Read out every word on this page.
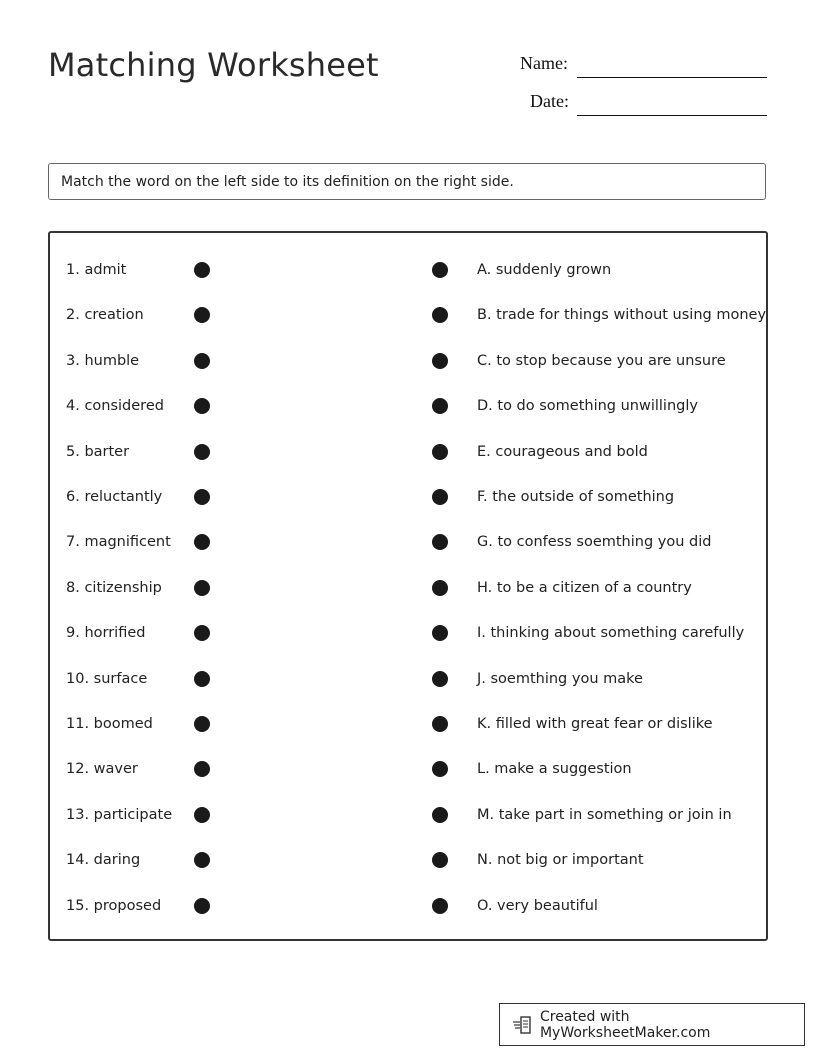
Matching Worksheet	Name:
Date:
Match the word on the left side to its definition on the right side.
1. admit	A. suddenly grown
2. creation	B. trade for things without using money
3. humble	C. to stop because you are unsure
4. considered	D. to do something unwillingly
5. barter	E. courageous and bold
6. reluctantly	F. the outside of something
7. magnificent	G. to confess soemthing you did
8. citizenship	H. to be a citizen of a country
9. horrified	I. thinking about something carefully
10. surface	J. soemthing you make
11. boomed	K. filled with great fear or dislike
12. waver	L. make a suggestion
13. participate	M. take part in something or join in
14. daring	N. not big or important
15. proposed	O. very beautiful
Created with MyWorksheetMaker.com
